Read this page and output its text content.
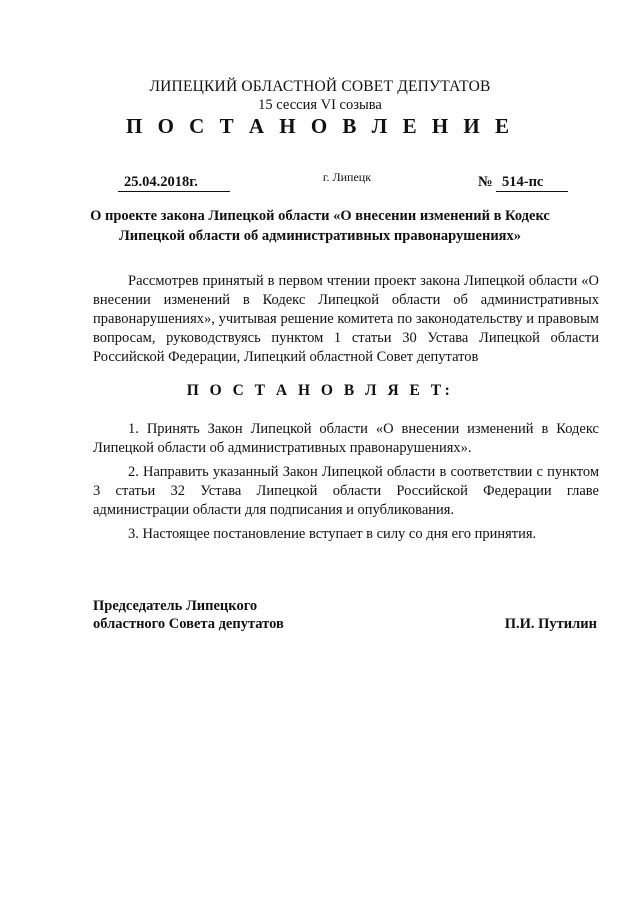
ЛИПЕЦКИЙ ОБЛАСТНОЙ СОВЕТ ДЕПУТАТОВ
15 сессия VI созыва
П О С Т А Н О В Л Е Н И Е
25.04.2018г.	г. Липецк	№ 514-пс
О проекте закона Липецкой области «О внесении изменений в Кодекс Липецкой области об административных правонарушениях»
Рассмотрев принятый в первом чтении проект закона Липецкой области «О внесении изменений в Кодекс Липецкой области об административных правонарушениях», учитывая решение комитета по законодательству и правовым вопросам, руководствуясь пунктом 1 статьи 30 Устава Липецкой области Российской Федерации, Липецкий областной Совет депутатов
П О С Т А Н О В Л Я Е Т:
1. Принять Закон Липецкой области «О внесении изменений в Кодекс Липецкой области об административных правонарушениях».
2. Направить указанный Закон Липецкой области в соответствии с пунктом 3 статьи 32 Устава Липецкой области Российской Федерации главе администрации области для подписания и опубликования.
3. Настоящее постановление вступает в силу со дня его принятия.
Председатель Липецкого
областного Совета депутатов	П.И. Путилин
